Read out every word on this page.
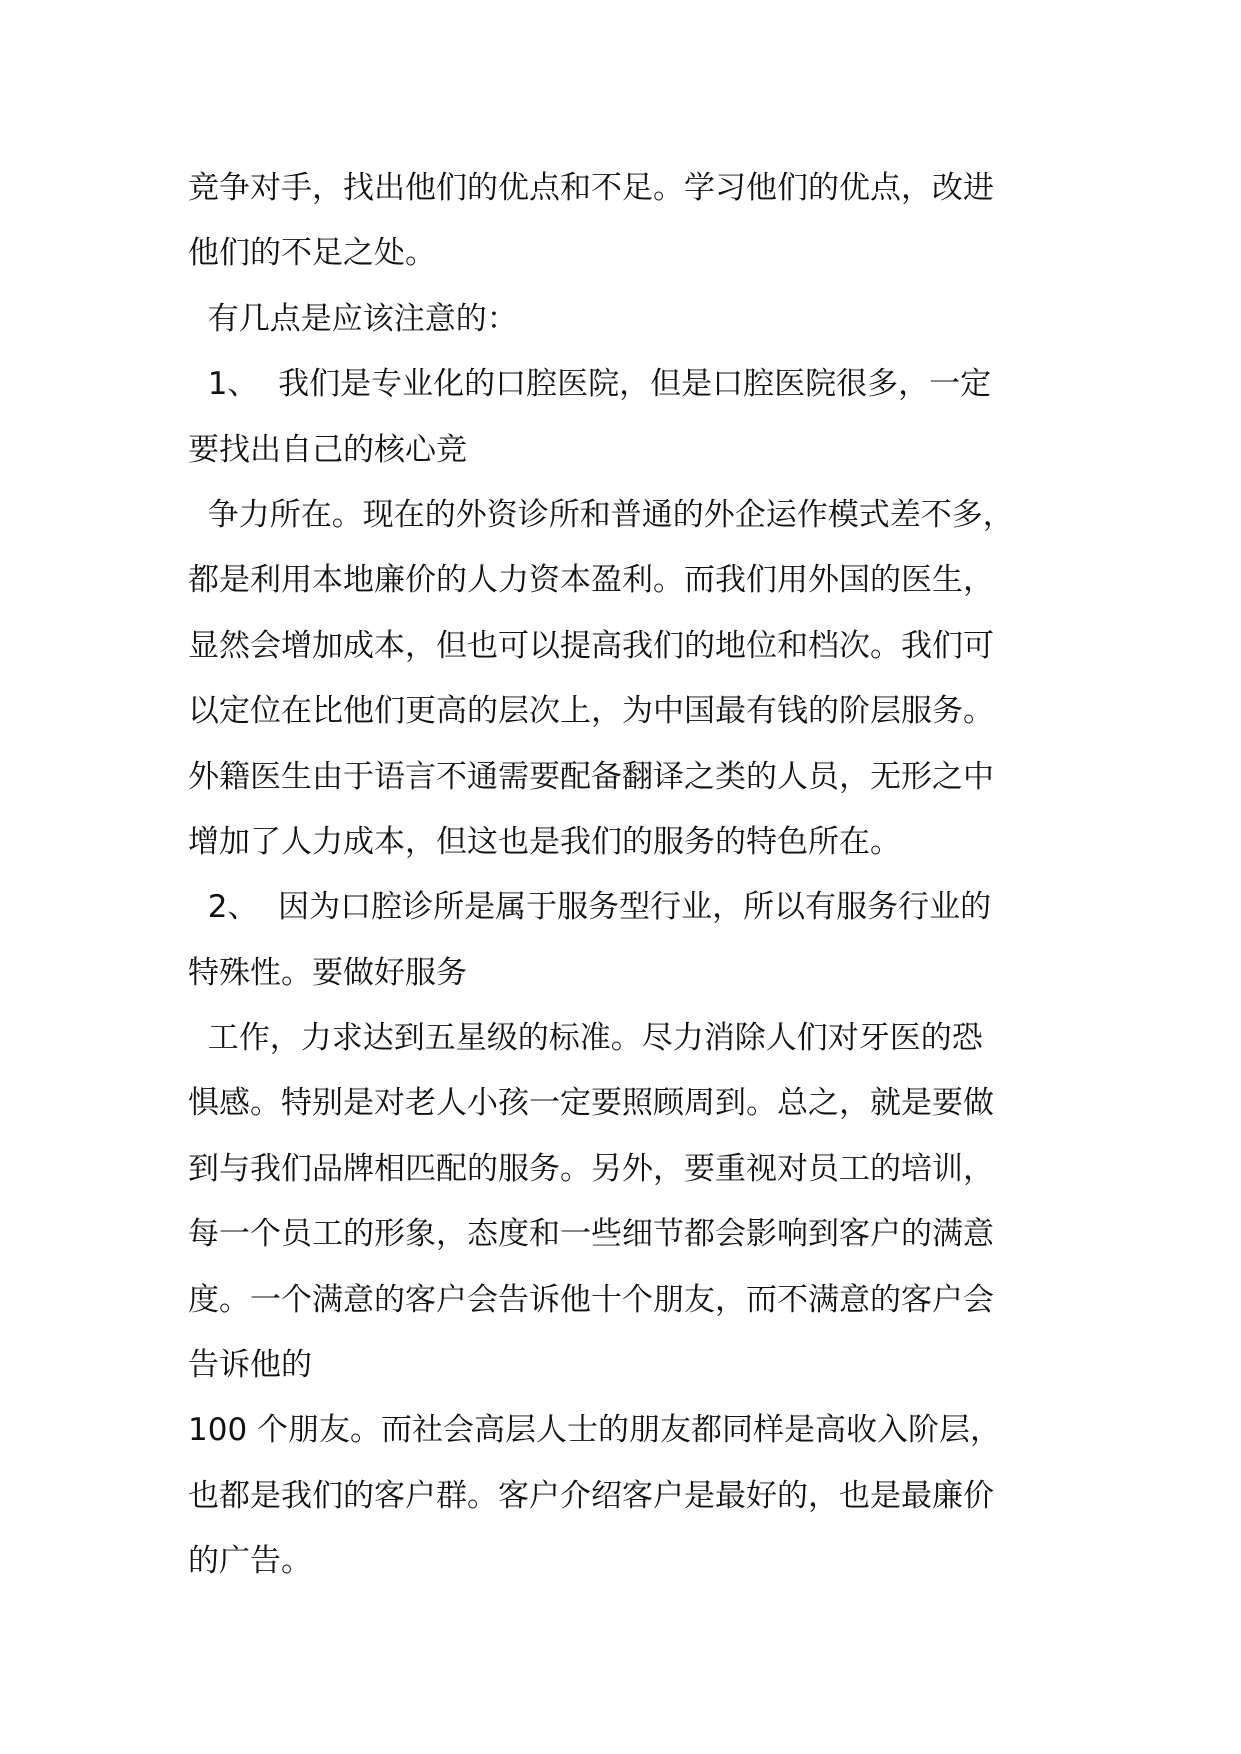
竞争对手，找出他们的优点和不足。学习他们的优点，改进
他们的不足之处。
有几点是应该注意的：
1、  我们是专业化的口腔医院，但是口腔医院很多，一定
要找出自己的核心竞
争力所在。现在的外资诊所和普通的外企运作模式差不多，
都是利用本地廉价的人力资本盈利。而我们用外国的医生，
显然会增加成本，但也可以提高我们的地位和档次。我们可
以定位在比他们更高的层次上，为中国最有钱的阶层服务。
外籍医生由于语言不通需要配备翻译之类的人员，无形之中
增加了人力成本，但这也是我们的服务的特色所在。
2、  因为口腔诊所是属于服务型行业，所以有服务行业的
特殊性。要做好服务
工作，力求达到五星级的标准。尽力消除人们对牙医的恐
惧感。特别是对老人小孩一定要照顾周到。总之，就是要做
到与我们品牌相匹配的服务。另外，要重视对员工的培训，
每一个员工的形象，态度和一些细节都会影响到客户的满意
度。一个满意的客户会告诉他十个朋友，而不满意的客户会
告诉他的
100 个朋友。而社会高层人士的朋友都同样是高收入阶层，
也都是我们的客户群。客户介绍客户是最好的，也是最廉价
的广告。
